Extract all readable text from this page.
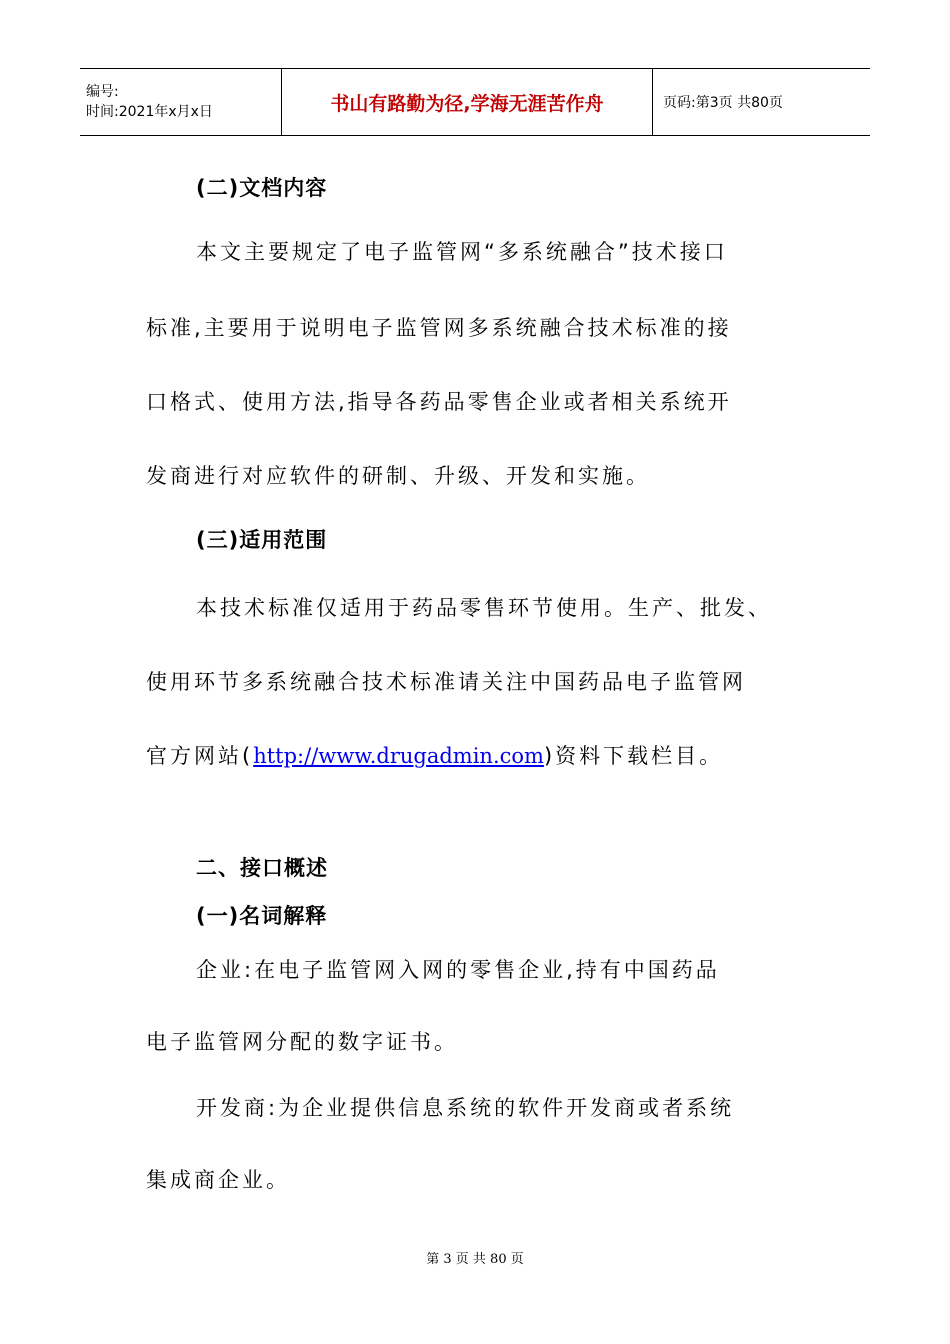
编号:
时间:2021年x月x日	书山有路勤为径,学海无涯苦作舟	页码:第3页 共80页
(二)文档内容
本文主要规定了电子监管网“多系统融合”技术接口
标准,主要用于说明电子监管网多系统融合技术标准的接
口格式、使用方法,指导各药品零售企业或者相关系统开
发商进行对应软件的研制、升级、开发和实施。
(三)适用范围
本技术标准仅适用于药品零售环节使用。生产、批发、
使用环节多系统融合技术标准请关注中国药品电子监管网
官方网站(http://www.drugadmin.com)资料下载栏目。
二、接口概述
(一)名词解释
企业:在电子监管网入网的零售企业,持有中国药品
电子监管网分配的数字证书。
开发商:为企业提供信息系统的软件开发商或者系统
集成商企业。
第 3 页 共 80 页
